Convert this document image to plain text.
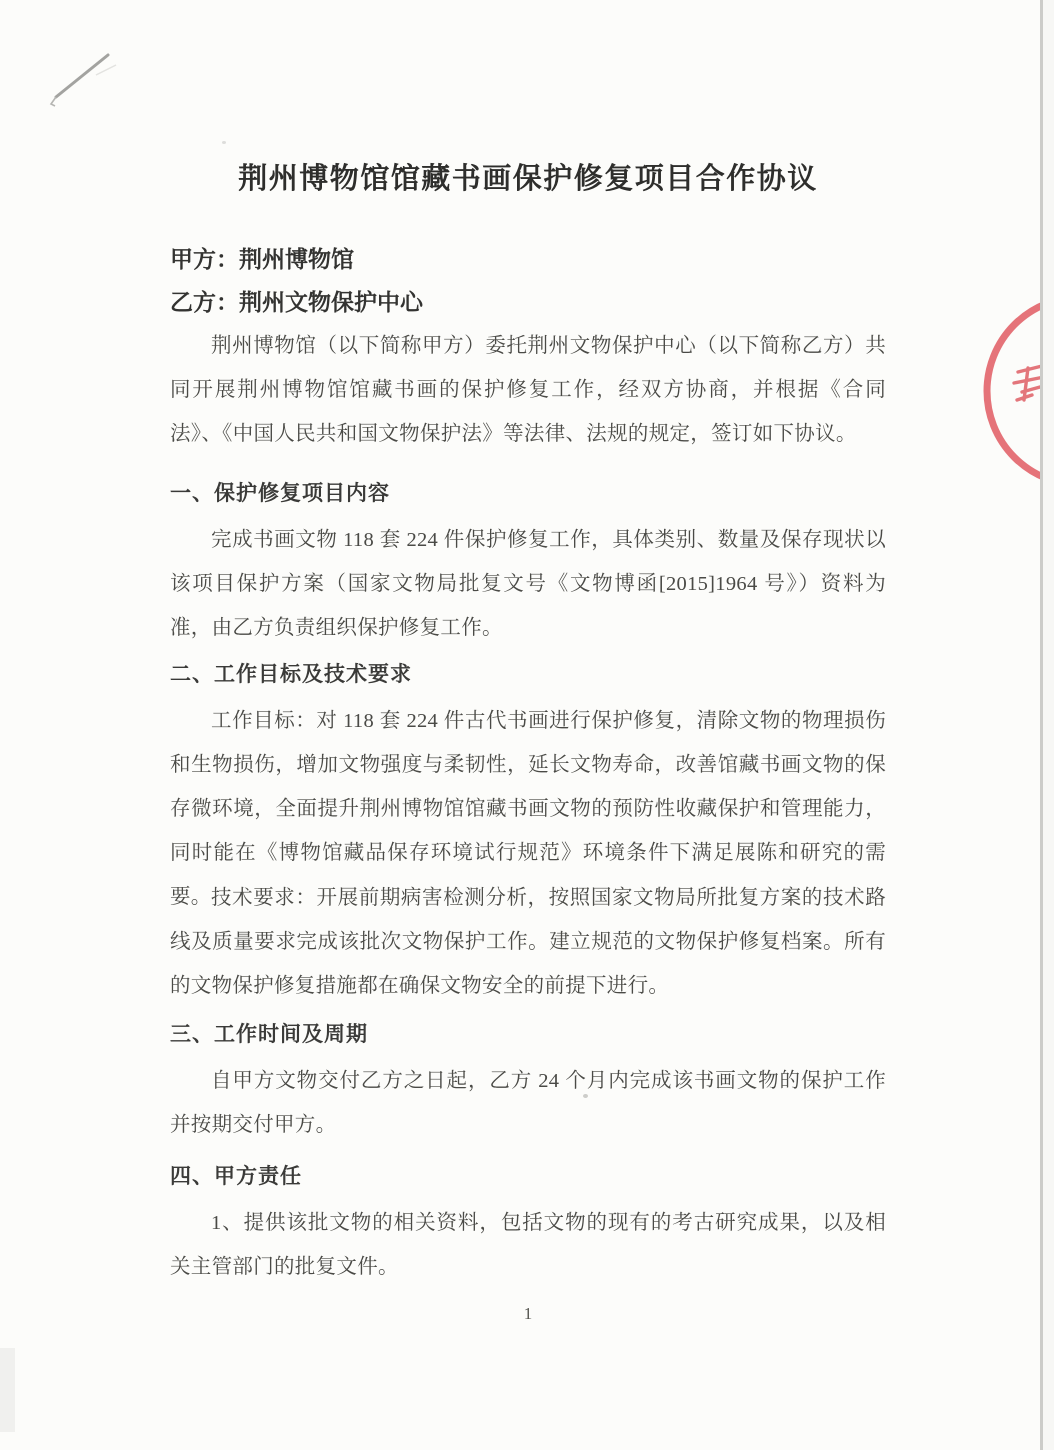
荆州博物馆馆藏书画保护修复项目合作协议

甲方：荆州博物馆

乙方：荆州文物保护中心

荆州博物馆（以下简称甲方）委托荆州文物保护中心（以下简称乙方）共同开展荆州博物馆馆藏书画的保护修复工作，经双方协商，并根据《合同法》、《中国人民共和国文物保护法》等法律、法规的规定，签订如下协议。

一、保护修复项目内容

完成书画文物 118 套 224 件保护修复工作，具体类别、数量及保存现状以该项目保护方案（国家文物局批复文号《文物博函[2015]1964 号》）资料为准，由乙方负责组织保护修复工作。

二、工作目标及技术要求

工作目标：对 118 套 224 件古代书画进行保护修复，清除文物的物理损伤和生物损伤，增加文物强度与柔韧性，延长文物寿命，改善馆藏书画文物的保存微环境，全面提升荆州博物馆馆藏书画文物的预防性收藏保护和管理能力，同时能在《博物馆藏品保存环境试行规范》环境条件下满足展陈和研究的需要。 技术要求：开展前期病害检测分析，按照国家文物局所批复方案的技术路线及质量要求完成该批次文物保护工作。建立规范的文物保护修复档案。所有的文物保护修复措施都在确保文物安全的前提下进行。

三、工作时间及周期

自甲方文物交付乙方之日起，乙方 24 个月内完成该书画文物的保护工作并按期交付甲方。

四、甲方责任

1、提供该批文物的相关资料，包括文物的现有的考古研究成果，以及相关主管部门的批复文件。

1
